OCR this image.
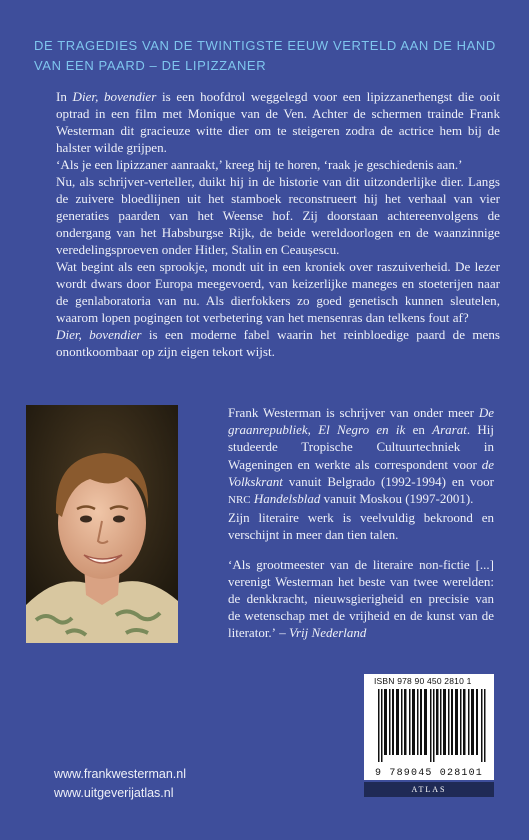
DE TRAGEDIES VAN DE TWINTIGSTE EEUW VERTELD AAN DE HAND VAN EEN PAARD – DE LIPIZZANER

In Dier, bovendier is een hoofdrol weggelegd voor een lipizzanerhengst die ooit optrad in een film met Monique van de Ven. Achter de schermen trainde Frank Westerman dit gracieuze witte dier om te steigeren zodra de actrice hem bij de halster wilde grijpen.

‘Als je een lipizzaner aanraakt,’ kreeg hij te horen, ‘raak je geschiedenis aan.’

Nu, als schrijver-verteller, duikt hij in de historie van dit uitzonderlijke dier. Langs de zuivere bloedlijnen uit het stamboek reconstrueert hij het verhaal van vier generaties paarden van het Weense hof. Zij doorstaan achtereenvolgens de ondergang van het Habsburgse Rijk, de beide wereldoorlogen en de waanzinnige veredelingsproeven onder Hitler, Stalin en Ceaușescu.

Wat begint als een sprookje, mondt uit in een kroniek over raszuiverheid. De lezer wordt dwars door Europa meegevoerd, van keizerlijke maneges en stoeterijen naar de genlaboratoria van nu. Als dierfokkers zo goed genetisch kunnen sleutelen, waarom lopen pogingen tot verbetering van het mensenras dan telkens fout af?

Dier, bovendier is een moderne fabel waarin het reinbloedige paard de mens onontkoombaar op zijn eigen tekort wijst.

Frank Westerman is schrijver van onder meer De graanrepubliek, El Negro en ik en Ararat. Hij studeerde Tropische Cultuurtechniek in Wageningen en werkte als correspondent voor de Volkskrant vanuit Belgrado (1992-1994) en voor NRC Handelsblad vanuit Moskou (1997-2001).

Zijn literaire werk is veelvuldig bekroond en verschijnt in meer dan tien talen.

‘Als grootmeester van de literaire non-fictie [...] verenigt Westerman het beste van twee werelden: de denkkracht, nieuwsgierigheid en precisie van de wetenschap met de vrijheid en de kunst van de literator.’ – Vrij Nederland

ISBN 978 90 450 2810 1
9 789045 028101
ATLAS
www.frankwesterman.nl
www.uitgeverijatlas.nl
